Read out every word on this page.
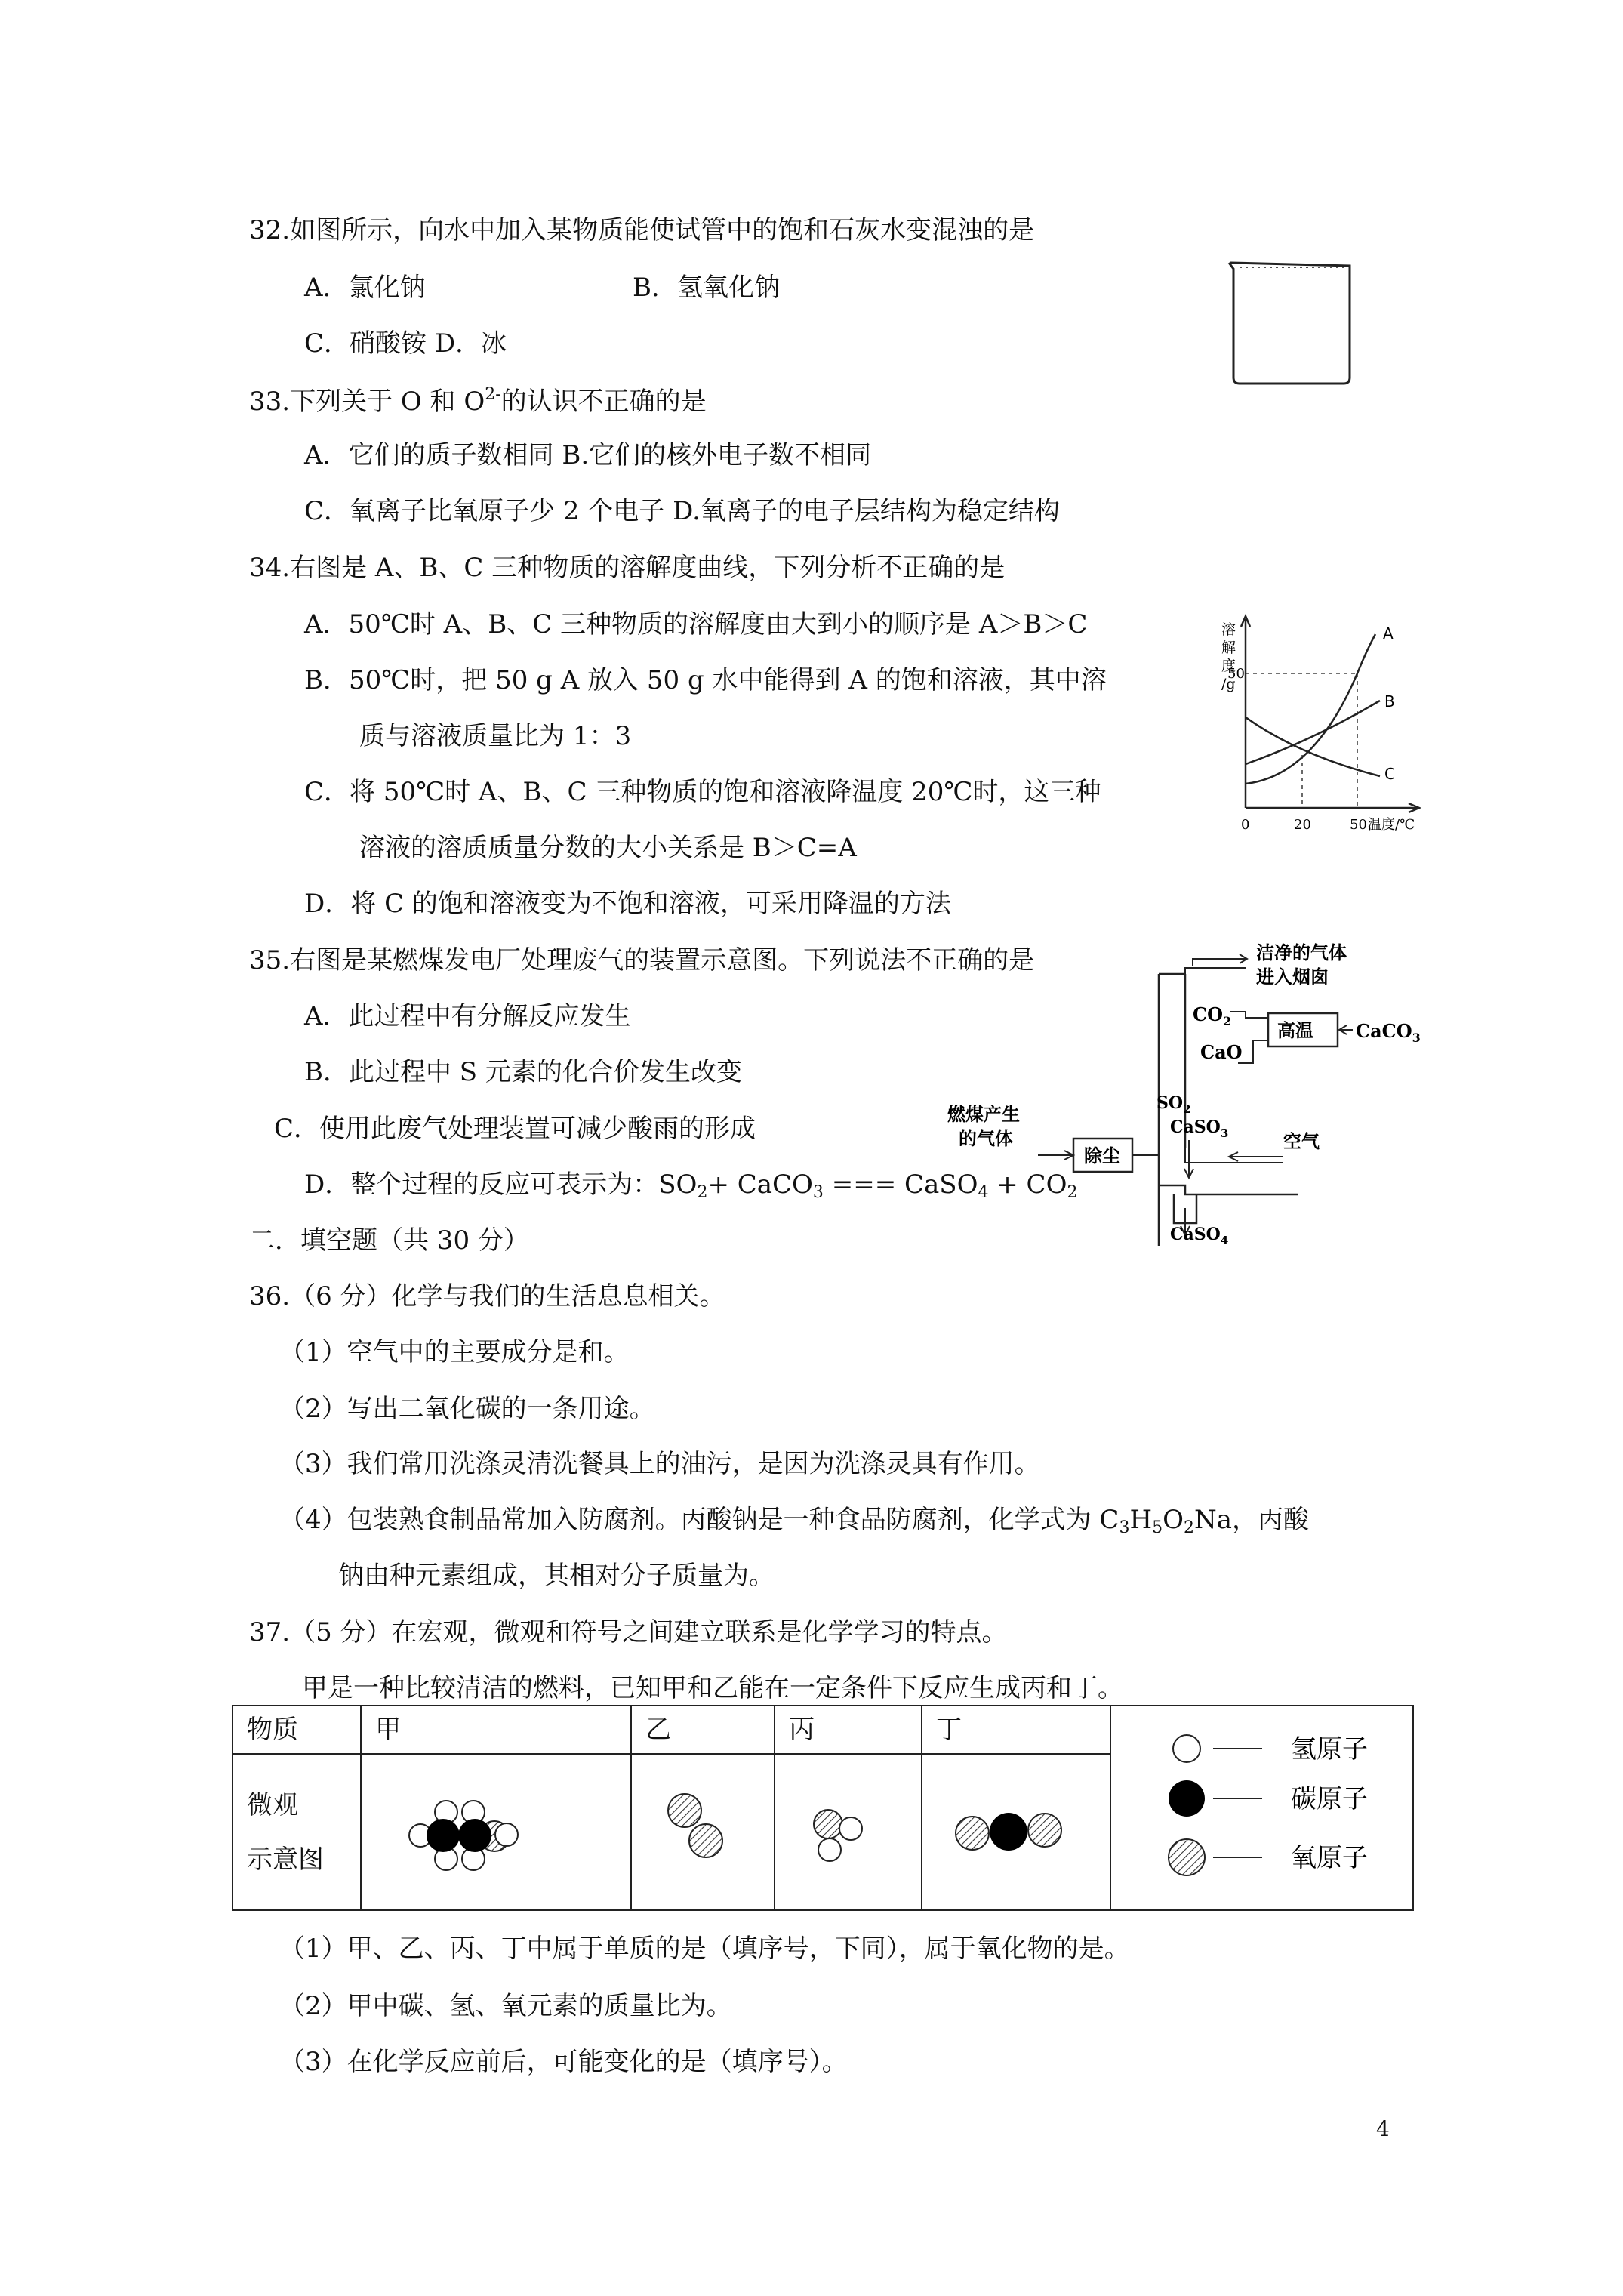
32.如图所示，向水中加入某物质能使试管中的饱和石灰水变混浊的是
A．氯化钠	B．氢氧化钠
C．硝酸铵 D．冰
33.下列关于 O 和 $O^{2-}$的认识不正确的是
A．它们的质子数相同 B.它们的核外电子数不相同
C．氧离子比氧原子少 2 个电子 D.氧离子的电子层结构为稳定结构
34.右图是 A、B、C 三种物质的溶解度曲线，下列分析不正确的是
A．50℃时 A、B、C 三种物质的溶解度由大到小的顺序是 A＞B＞C
B．50℃时，把 50 g A 放入 50 g 水中能得到 A 的饱和溶液，其中溶
质与溶液质量比为 1：3
C．将 50℃时 A、B、C 三种物质的饱和溶液降温度 20℃时，这三种
溶液的溶质质量分数的大小关系是 B＞C=A
D．将 C 的饱和溶液变为不饱和溶液，可采用降温的方法
A
B
C
溶
解
度
/g
50
0	20	50 温度/℃
35.右图是某燃煤发电厂处理废气的装置示意图。下列说法不正确的是
A．此过程中有分解反应发生
B．此过程中 S 元素的化合价发生改变
C．使用此废气处理装置可减少酸雨的形成
D．整个过程的反应可表示为：$SO_2+$ CaCO$_3$ === CaSO$_4$ + $CO_2$
洁净的气体
进入烟囱
高温 CaCO$_3$
$CO_2$
CaO
燃煤产生
的气体
除尘
$SO_2$
CaSO$_3$	空气
CaSO$_4$
二．填空题（共 30 分）
36.（6 分）化学与我们的生活息息相关。
（1）空气中的主要成分是和。
（2）写出二氧化碳的一条用途。
（3）我们常用洗涤灵清洗餐具上的油污，是因为洗涤灵具有作用。
（4）包装熟食制品常加入防腐剂。丙酸钠是一种食品防腐剂，化学式为 $C_3H_5O_2Na$，丙酸
钠由种元素组成，其相对分子质量为。
37.（5 分）在宏观，微观和符号之间建立联系是化学学习的特点。
甲是一种比较清洁的燃料，已知甲和乙能在一定条件下反应生成丙和丁。
物质	甲	乙	丙	丁	氢原子
碳原子
氧原子

微观
示意图

（1）甲、乙、丙、丁中属于单质的是（填序号，下同），属于氧化物的是。
（2）甲中碳、氢、氧元素的质量比为。
（3）在化学反应前后，可能变化的是（填序号）。
4
